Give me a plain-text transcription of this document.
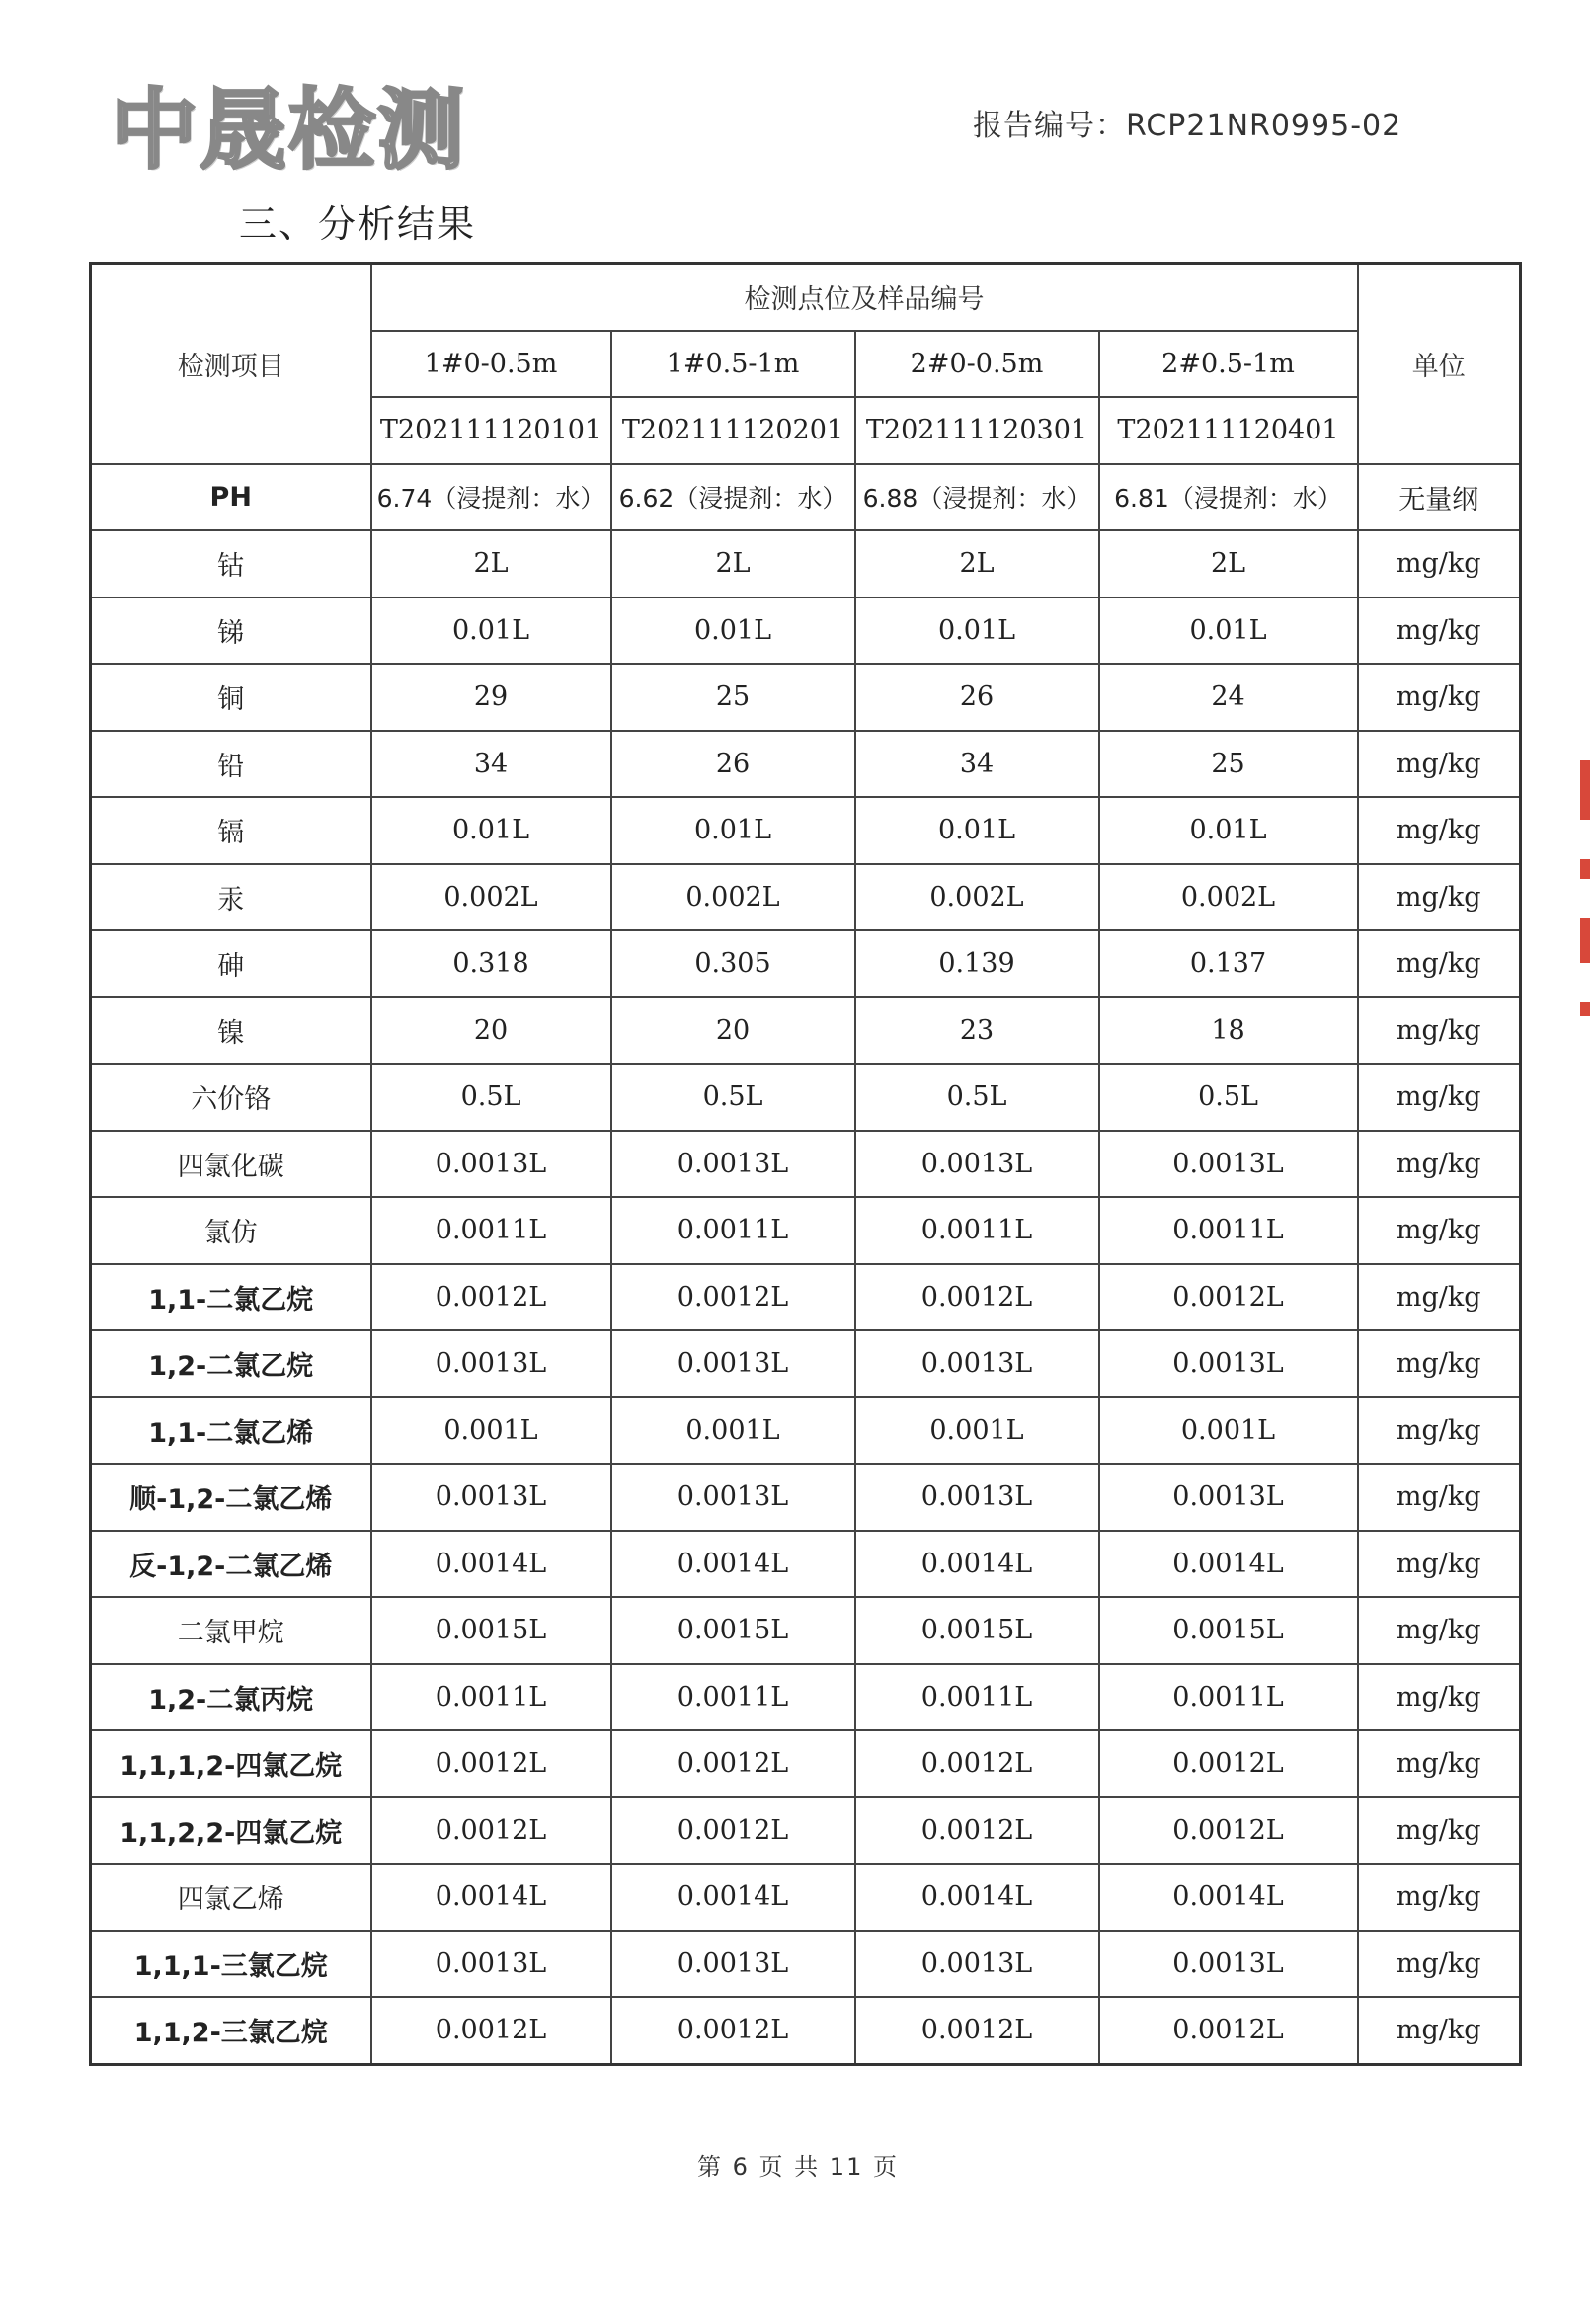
中晟检测	报告编号：RCP21NR0995-02
三、分析结果
检测项目	检测点位及样品编号				单位
	1#0-0.5m	1#0.5-1m	2#0-0.5m	2#0.5-1m	
	T202111120101	T202111120201	T202111120301	T202111120401	
PH	6.74（浸提剂：水）	6.62（浸提剂：水）	6.88（浸提剂：水）	6.81（浸提剂：水）	无量纲
钴	2L	2L	2L	2L	mg/kg
锑	0.01L	0.01L	0.01L	0.01L	mg/kg
铜	29	25	26	24	mg/kg
铅	34	26	34	25	mg/kg
镉	0.01L	0.01L	0.01L	0.01L	mg/kg
汞	0.002L	0.002L	0.002L	0.002L	mg/kg
砷	0.318	0.305	0.139	0.137	mg/kg
镍	20	20	23	18	mg/kg
六价铬	0.5L	0.5L	0.5L	0.5L	mg/kg
四氯化碳	0.0013L	0.0013L	0.0013L	0.0013L	mg/kg
氯仿	0.0011L	0.0011L	0.0011L	0.0011L	mg/kg
1,1-二氯乙烷	0.0012L	0.0012L	0.0012L	0.0012L	mg/kg
1,2-二氯乙烷	0.0013L	0.0013L	0.0013L	0.0013L	mg/kg
1,1-二氯乙烯	0.001L	0.001L	0.001L	0.001L	mg/kg
顺-1,2-二氯乙烯	0.0013L	0.0013L	0.0013L	0.0013L	mg/kg
反-1,2-二氯乙烯	0.0014L	0.0014L	0.0014L	0.0014L	mg/kg
二氯甲烷	0.0015L	0.0015L	0.0015L	0.0015L	mg/kg
1,2-二氯丙烷	0.0011L	0.0011L	0.0011L	0.0011L	mg/kg
1,1,1,2-四氯乙烷	0.0012L	0.0012L	0.0012L	0.0012L	mg/kg
1,1,2,2-四氯乙烷	0.0012L	0.0012L	0.0012L	0.0012L	mg/kg
四氯乙烯	0.0014L	0.0014L	0.0014L	0.0014L	mg/kg
1,1,1-三氯乙烷	0.0013L	0.0013L	0.0013L	0.0013L	mg/kg
1,1,2-三氯乙烷	0.0012L	0.0012L	0.0012L	0.0012L	mg/kg
第 6 页 共 11 页
